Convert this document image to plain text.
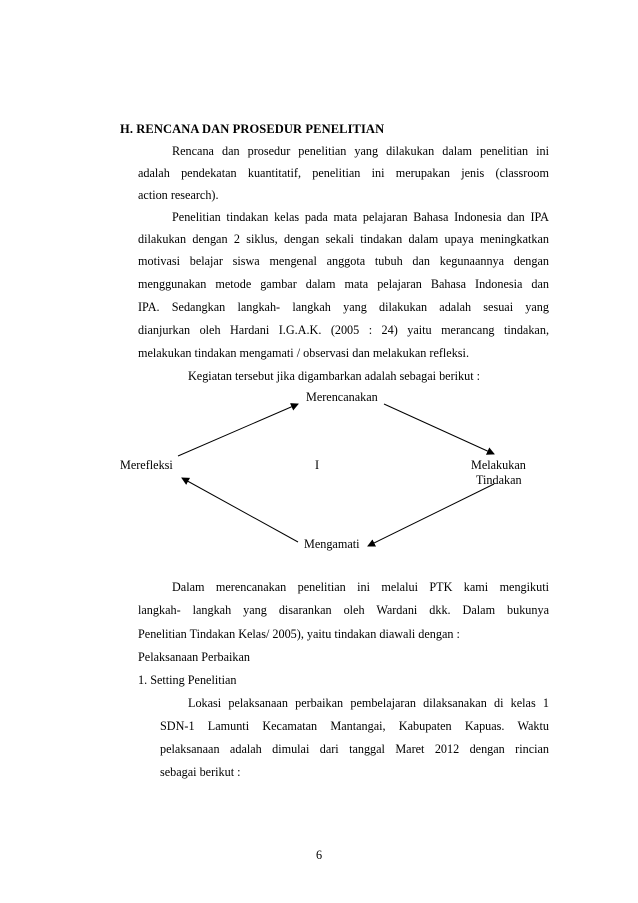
H. RENCANA DAN PROSEDUR PENELITIAN
Rencana dan prosedur penelitian yang dilakukan dalam penelitian ini
adalah pendekatan kuantitatif, penelitian ini merupakan jenis (classroom
action research).
Penelitian tindakan kelas pada mata pelajaran Bahasa Indonesia dan IPA
dilakukan dengan 2 siklus, dengan sekali tindakan dalam upaya meningkatkan
motivasi belajar siswa mengenal anggota tubuh dan kegunaannya dengan
menggunakan metode gambar dalam mata pelajaran Bahasa Indonesia dan
IPA. Sedangkan langkah- langkah yang dilakukan adalah sesuai yang
dianjurkan oleh Hardani I.G.A.K. (2005 : 24) yaitu merancang tindakan,
melakukan tindakan mengamati / observasi dan melakukan refleksi.
Kegiatan tersebut jika digambarkan adalah sebagai berikut :
Merencanakan
Merefleksi	I	Melakukan
Tindakan
Mengamati
Dalam merencanakan penelitian ini melalui PTK kami mengikuti
langkah- langkah yang disarankan oleh Wardani dkk. Dalam bukunya
Penelitian Tindakan Kelas/ 2005), yaitu tindakan diawali dengan :
Pelaksanaan Perbaikan
1. Setting Penelitian
Lokasi pelaksanaan perbaikan pembelajaran dilaksanakan di kelas 1
SDN-1 Lamunti Kecamatan Mantangai, Kabupaten Kapuas. Waktu
pelaksanaan adalah dimulai dari tanggal Maret 2012 dengan rincian
sebagai berikut :
6
